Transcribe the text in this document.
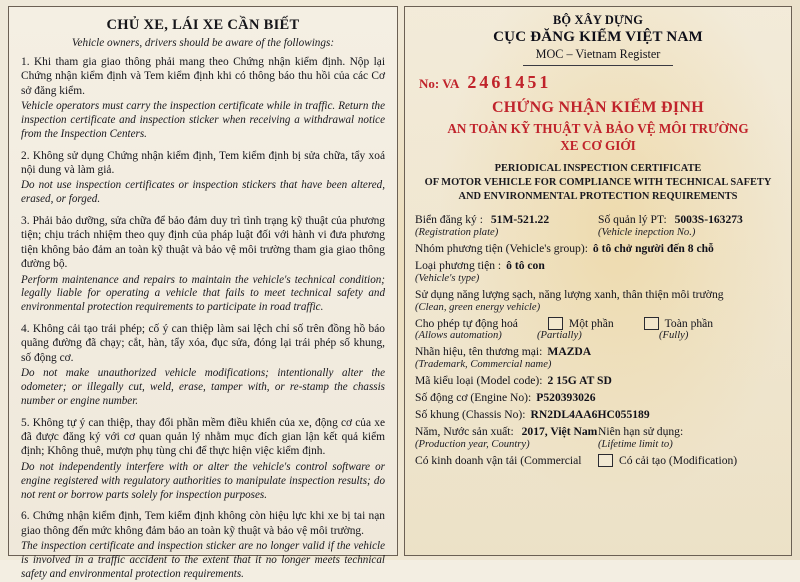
CHỦ XE, LÁI XE CẦN BIẾT
Vehicle owners, drivers should be aware of the followings:

1. Khi tham gia giao thông phải mang theo Chứng nhận kiểm định. Nộp lại Chứng nhận kiểm định và Tem kiểm định khi có thông báo thu hồi của các Cơ sở đăng kiểm.

Vehicle operators must carry the inspection certificate while in traffic. Return the inspection certificate and inspection sticker when receiving a withdrawal notice from the Inspection Centers.

2. Không sử dụng Chứng nhận kiểm định, Tem kiểm định bị sửa chữa, tẩy xoá nội dung và làm giả.

Do not use inspection certificates or inspection stickers that have been altered, erased, or forged.

3. Phải bảo dưỡng, sửa chữa để bảo đảm duy trì tình trạng kỹ thuật của phương tiện; chịu trách nhiệm theo quy định của pháp luật đối với hành vi đưa phương tiện không bảo đảm an toàn kỹ thuật và bảo vệ môi trường tham gia giao thông đường bộ.

Perform maintenance and repairs to maintain the vehicle's technical condition; legally liable for operating a vehicle that fails to meet technical safety and environmental protection requirements to participate in road traffic.

4. Không cải tạo trái phép; cố ý can thiệp làm sai lệch chỉ số trên đồng hồ báo quãng đường đã chạy; cắt, hàn, tẩy xóa, đục sửa, đóng lại trái phép số khung, số động cơ.

Do not make unauthorized vehicle modifications; intentionally alter the odometer; or illegally cut, weld, erase, tamper with, or re-stamp the chassis number or engine number.

5. Không tự ý can thiệp, thay đổi phần mềm điều khiển của xe, động cơ của xe đã được đăng ký với cơ quan quản lý nhằm mục đích gian lận kết quả kiểm định; Không thuê, mượn phụ tùng chi để thực hiện việc kiểm định.

Do not independently interfere with or alter the vehicle's control software or engine registered with regulatory authorities to manipulate inspection results; do not rent or borrow parts solely for inspection purposes.

6. Chứng nhận kiểm định, Tem kiểm định không còn hiệu lực khi xe bị tai nạn giao thông đến mức không đảm bảo an toàn kỹ thuật và bảo vệ môi trường.

The inspection certificate and inspection sticker are no longer valid if the vehicle is involved in a traffic accident to the extent that it no longer meets technical safety and environmental protection requirements.

BỘ XÂY DỰNG
CỤC ĐĂNG KIỂM VIỆT NAM
MOC – Vietnam Register
No: VA 2461451
CHỨNG NHẬN KIỂM ĐỊNH
AN TOÀN KỸ THUẬT VÀ BẢO VỆ MÔI TRƯỜNG
XE CƠ GIỚI
PERIODICAL INSPECTION CERTIFICATE
OF MOTOR VEHICLE FOR COMPLIANCE WITH TECHNICAL SAFETY
AND ENVIRONMENTAL PROTECTION REQUIREMENTS
Biển đăng ký : 51M-521.22	Số quản lý PT: 5003S-163273
(Registration plate)	(Vehicle inepction No.)
Nhóm phương tiện (Vehicle's group): ô tô chở người đến 8 chỗ
Loại phương tiện : ô tô con
(Vehicle's type)
Sử dụng năng lượng sạch, năng lượng xanh, thân thiện môi trường
(Clean, green energy vehicle)
Cho phép tự động hoá	Một phần	Toàn phần
(Allows automation)	(Partially)	(Fully)
Nhãn hiệu, tên thương mại: MAZDA
(Trademark, Commercial name)
Mã kiểu loại (Model code): 2 15G AT SD
Số động cơ (Engine No): P520393026
Số khung (Chassis No): RN2DL4AA6HC055189
Năm, Nước sản xuất: 2017, Việt Nam Niên hạn sử dụng:
(Production year, Country)	(Lifetime limit to)
Có kinh doanh vận tải (Commercial	Có cải tạo (Modification)
